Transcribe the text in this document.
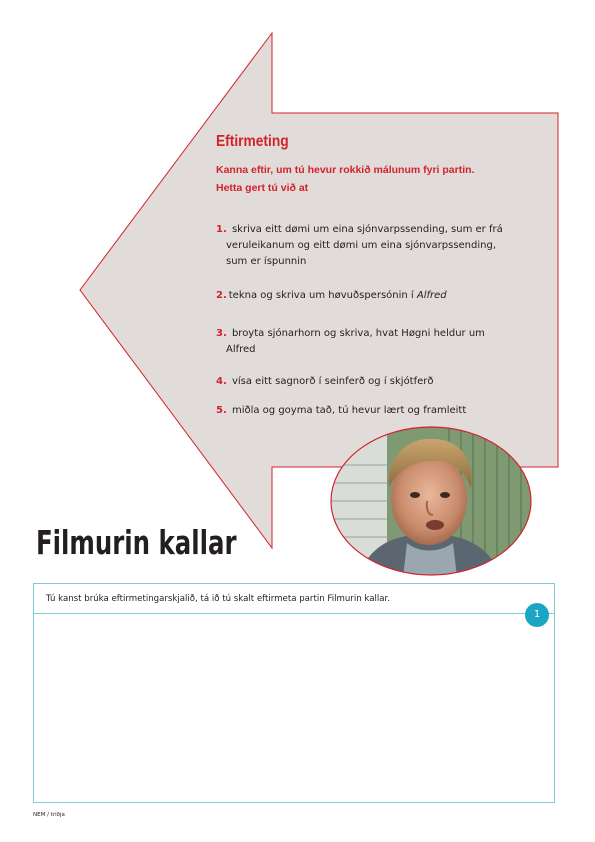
Eftirmeting
Kanna eftir, um tú hevur rokkið málunum fyri partin.
Hetta gert tú við at
1. skriva eitt dømi um eina sjónvarpssending, sum er frá
veruleikanum og eitt dømi um eina sjónvarpssending,
sum er íspunnin
2. tekna og skriva um høvuðspersónin í Alfred
3. broyta sjónarhorn og skriva, hvat Høgni heldur um
Alfred
4. vísa eitt sagnorð í seinferð og í skjótferð
5. miðla og goyma tað, tú hevur lært og framleitt
Filmurin kallar
Tú kanst brúka eftirmetingarskjalið, tá ið tú skalt eftirmeta partin Filmurin kallar.
1
NEM / triðja
